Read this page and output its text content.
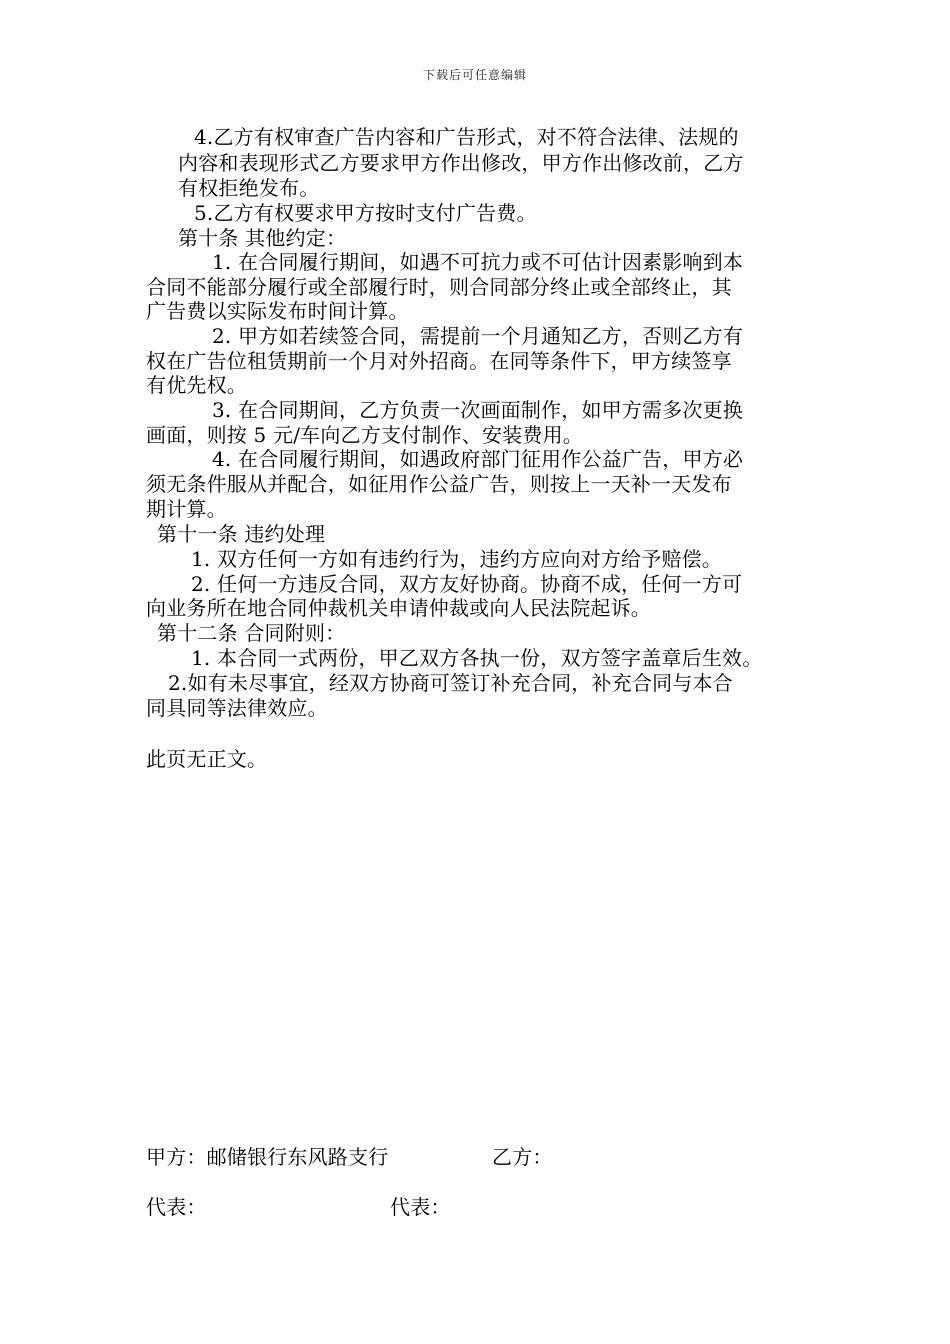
下载后可任意编辑
4.乙方有权审查广告内容和广告形式，对不符合法律、法规的
内容和表现形式乙方要求甲方作出修改，甲方作出修改前，乙方
有权拒绝发布。
5.乙方有权要求甲方按时支付广告费。
第十条 其他约定：
1. 在合同履行期间，如遇不可抗力或不可估计因素影响到本
合同不能部分履行或全部履行时，则合同部分终止或全部终止，其
广告费以实际发布时间计算。
2. 甲方如若续签合同，需提前一个月通知乙方，否则乙方有
权在广告位租赁期前一个月对外招商。在同等条件下，甲方续签享
有优先权。
3. 在合同期间，乙方负责一次画面制作，如甲方需多次更换
画面，则按 5 元/车向乙方支付制作、安装费用。
4. 在合同履行期间，如遇政府部门征用作公益广告，甲方必
须无条件服从并配合，如征用作公益广告，则按上一天补一天发布
期计算。
第十一条 违约处理
1. 双方任何一方如有违约行为，违约方应向对方给予赔偿。
2. 任何一方违反合同，双方友好协商。协商不成，任何一方可
向业务所在地合同仲裁机关申请仲裁或向人民法院起诉。
第十二条 合同附则：
1. 本合同一式两份，甲乙双方各执一份，双方签字盖章后生效。
2.如有未尽事宜，经双方协商可签订补充合同，补充合同与本合
同具同等法律效应。
此页无正文。
甲方：邮储银行东风路支行	乙方：
代表：	代表：
